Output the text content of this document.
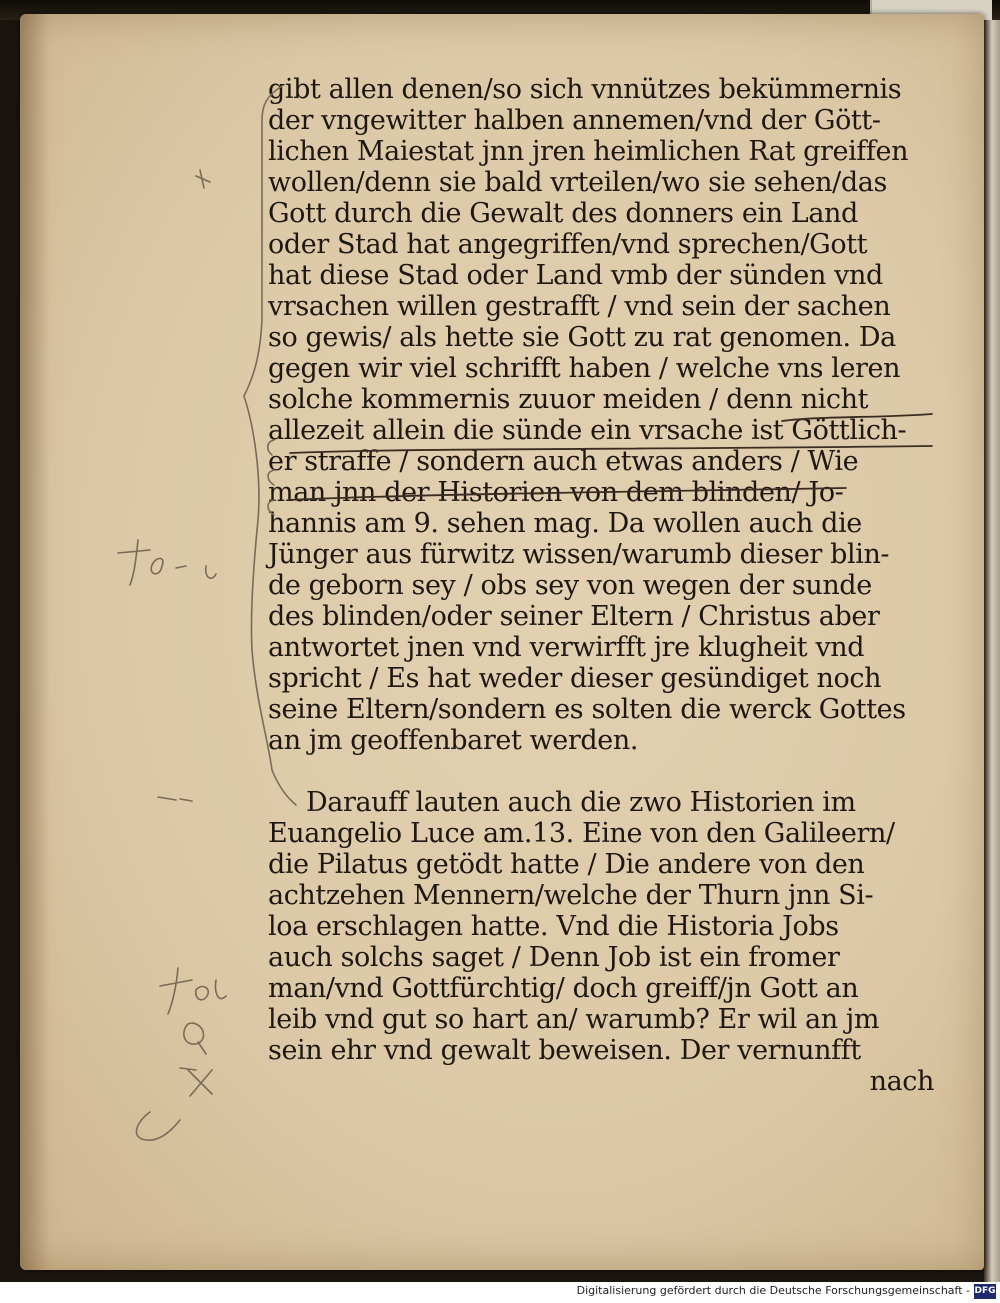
gibt allen denen/so sich vnnützes bekümmernis
der vngewitter halben annemen/vnd der Gött-
lichen Maiestat jnn jren heimlichen Rat greiffen
wollen/denn sie bald vrteilen/wo sie sehen/das
Gott durch die Gewalt des donners ein Land
oder Stad hat angegriffen/vnd sprechen/Gott
hat diese Stad oder Land vmb der sünden vnd
vrsachen willen gestrafft / vnd sein der sachen
so gewis/ als hette sie Gott zu rat genomen. Da
gegen wir viel schrifft haben / welche vns leren
solche kommernis zuuor meiden / denn nicht
allezeit allein die sünde ein vrsache ist Göttlich-
er straffe / sondern auch etwas anders / Wie
man jnn der Historien von dem blinden/ Jo-
hannis am 9. sehen mag. Da wollen auch die
Jünger aus fürwitz wissen/warumb dieser blin-
de geborn sey / obs sey von wegen der sunde
des blinden/oder seiner Eltern / Christus aber
antwortet jnen vnd verwirfft jre klugheit vnd
spricht / Es hat weder dieser gesündiget noch
seine Eltern/sondern es solten die werck Gottes
an jm geoffenbaret werden.
Darauff lauten auch die zwo Historien im
Euangelio Luce am.13. Eine von den Galileern/
die Pilatus getödt hatte / Die andere von den
achtzehen Mennern/welche der Thurn jnn Si-
loa erschlagen hatte. Vnd die Historia Jobs
auch solchs saget / Denn Job ist ein fromer
man/vnd Gottfürchtig/ doch greiff/jn Gott an
leib vnd gut so hart an/ warumb? Er wil an jm
sein ehr vnd gewalt beweisen. Der vernunfft
nach
Digitalisierung gefördert durch die Deutsche Forschungsgemeinschaft - DFG
